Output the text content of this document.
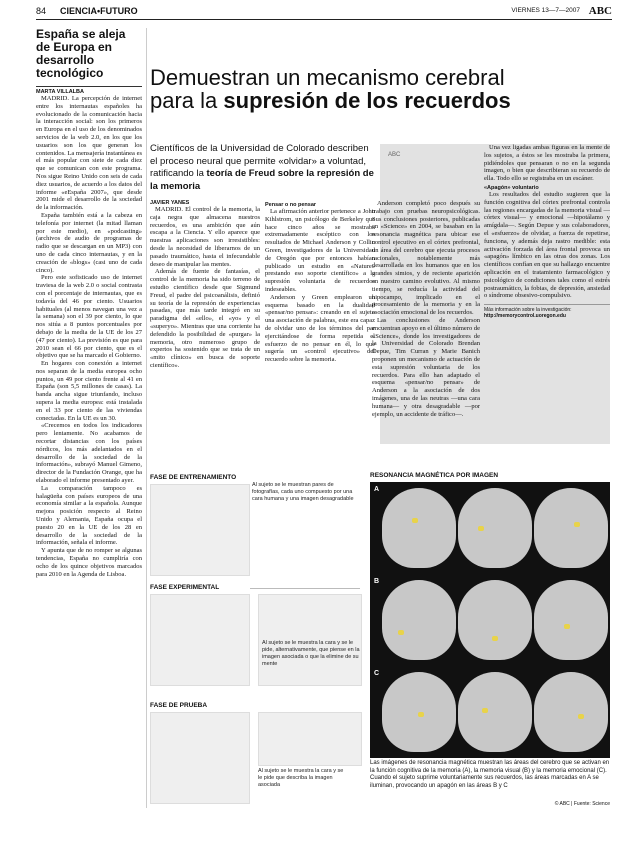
84 CIENCIA•FUTURO	VIERNES 13—7—2007 ABC
España se aleja de Europa en desarrollo tecnológico
MARTA VILLALBA

MADRID. La percepción de internet entre los internautas españoles ha evolucionado de la comunicación hacia la interacción social: son los primeros en Europa en el uso de los denominados servicios de la web 2.0, en los que los usuarios son los que generan los contenidos. La mensajería instantánea es el más popular con siete de cada diez que se comunican con este programa. Nos sigue Reino Unido con seis de cada diez usuarios, de acuerdo a los datos del informe «eEspaña 2007», que desde 2001 mide el desarrollo de la sociedad de la información.

España también está a la cabeza en telefonía por internet (la mitad llaman por este medio), en «podcasting» (archivos de audio de programas de radio que se descargan en un MP3) con uno de cada cinco internautas, y en la creación de «blogs» (casi uno de cada cinco).

Pero este sofisticado uso de internet traviesa de la web 2.0 o social contrasta con el porcentaje de internautas, que es todavía del 46 por ciento. Usuarios habituales (al menos navegan una vez a la semana) son el 39 por ciento, lo que nos sitúa a 8 puntos porcentuales por debajo de la media de la UE de los 27 (47 por ciento). La previsión es que para 2010 sean el 66 por ciento, que es el objetivo que se ha marcado el Gobierno.

En hogares con conexión a internet nos separan de la media europea ocho puntos, un 49 por ciento frente al 41 en España (son 5,5 millones de casas). La banda ancha sigue triunfando, incluso supera la media europea: está instalada en el 33 por ciento de las viviendas conectadas. En la UE es un 30.

«Crecemos en todos los indicadores pero lentamente. No acabamos de recortar distancias con los países nórdicos, los más adelantados en el desarrollo de la sociedad de la información», subrayó Manuel Gimeno, director de la Fundación Orange, que ha elaborado el informe presentado ayer.

La comparación tampoco es halagüeña con países europeos de una economía similar a la española. Aunque mejora posición respecto al Reino Unido y Alemania, España ocupa el puesto 20 en la UE de los 28 en desarrollo de la sociedad de la información, señala el informe.

Y apunta que de no romper se algunas tendencias, España no cumpliría con ocho de los quince objetivos marcados para 2010 en la Agenda de Lisboa.

Demuestran un mecanismo cerebral
para la supresión de los recuerdos
Científicos de la Universidad de Colorado describen el proceso neural que permite «olvidar» a voluntad, ratificando la teoría de Freud sobre la represión de la memoria
ABC
JAVIER YANES

MADRID. El control de la memoria, la caja negra que almacena nuestros recuerdos, es una ambición que aún escapa a la Ciencia. Y ello aparece que nuestras aplicaciones son irresistibles: desde la necesidad de liberarnos de un pasado traumático, hasta el infecundable deseo de manipular las mentes.

Además de fuente de fantasías, el control de la memoria ha sido terreno de estudio científico desde que Sigmund Freud, el padre del psicoanálisis, definió su teoría de la represión de experiencias pasadas, que más tarde integró en su paradigma del «ello», el «yo» y el «superyo». Mientras que una corriente ha defendido la posibilidad de «purgar» la memoria, otro numeroso grupo de expertos ha sostenido que se trata de un «mito clínico» en busca de soporte científico».

Pensar o no pensar

La afirmación anterior pertenece a John Kihlstrom, un psicólogo de Berkeley que hace cinco años se mostraba extremadamente escéptico con los resultados de Michael Anderson y Collin Green, investigadores de la Universidad de Oregón que por entonces habían publicado un estudio en «Nature» prestando eso soporte científico» a la supresión voluntaria de recuerdos indeseables.

Anderson y Green emplearon un esquema basado en la dualidad «pensar/no pensar»: creando en el sujeto una asociación de palabras, este era capaz de olvidar uno de los términos del par ejercitándose de forma repetida el esfuerzo de no pensar en él, lo que sugería un «control ejecutivo» del recuerdo sobre la memoria.

Anderson completó poco después su trabajo con pruebas neuropsicológicas. Sus conclusiones posteriores, publicadas en «Science» en 2004, se basaban en la resonancia magnética para ubicar ese control ejecutivo en el córtex prefrontal, un área del cerebro que ejecuta procesos racionales, notablemente más desarrollada en los humanos que en los grandes simios, y de reciente aparición en nuestro camino evolutivo. Al mismo tiempo, se reducía la actividad del hipocampo, implicado en el procesamiento de la memoria y en la asociación emocional de los recuerdos.

Las conclusiones de Anderson encuentran apoyo en el último número de «Science», donde los investigadores de la Universidad de Colorado Brendan Depue, Tim Curran y Marie Banich proponen un mecanismo de actuación de esta supresión voluntaria de los recuerdos. Para ello han adaptado el esquema «pensar/no pensar» de Anderson a la asociación de dos imágenes, una de las neutras —una cara humana— y otra desagradable —por ejemplo, un accidente de tráfico—.

Una vez ligadas ambas figuras en la mente de los sujetos, a éstos se les mostraba la primera, pidiéndoles que pensaran o no en la segunda imagen, o bien que describieran su recuerdo de ella. Todo ello se registraba en un escáner.

«Apagón» voluntario

Los resultados del estudio sugieren que la función cognitiva del córtex prefrontal controla las regiones encargadas de la memoria visual —córtex visual— y emocional —hipotálamo y amígdala—. Según Depue y sus colaboradores, el «esfuerzo» de olvidar, a fuerza de repetirse, funciona, y además deja rastro medible: esta activación forzada del área frontal provoca un «apagón» límbico en las otras dos zonas. Los científicos confían en que su hallazgo encuentre aplicación en el tratamiento farmacológico y psicológico de condiciones tales como el estrés postraumático, la fobias, de depresión, ansiedad o síndrome obsesivo-compulsivo.

Más información sobre la investigación:
http://memorycontrol.uoregon.edu
FASE DE ENTRENAMIENTO
Al sujeto se le muestran pares de fotografías, cada uno compuesto por una cara humana y una imagen desagradable
FASE EXPERIMENTAL
Al sujeto se le muestra la cara y se le pide, alternativamente, que piense en la imagen asociada o que la elimine de su mente
FASE DE PRUEBA
Al sujeto se le muestra la cara y se le pide que describa la imagen asociada
RESONANCIA MAGNÉTICA POR IMAGEN
A
B
C
Las imágenes de resonancia magnética muestran las áreas del cerebro que se activan en la función cognitiva de la memoria (A), la memoria visual (B) y la memoria emocional (C). Cuando el sujeto suprime voluntariamente sus recuerdos, las áreas marcadas en A se iluminan, provocando un apagón en las áreas B y C
© ABC | Fuente: Science
